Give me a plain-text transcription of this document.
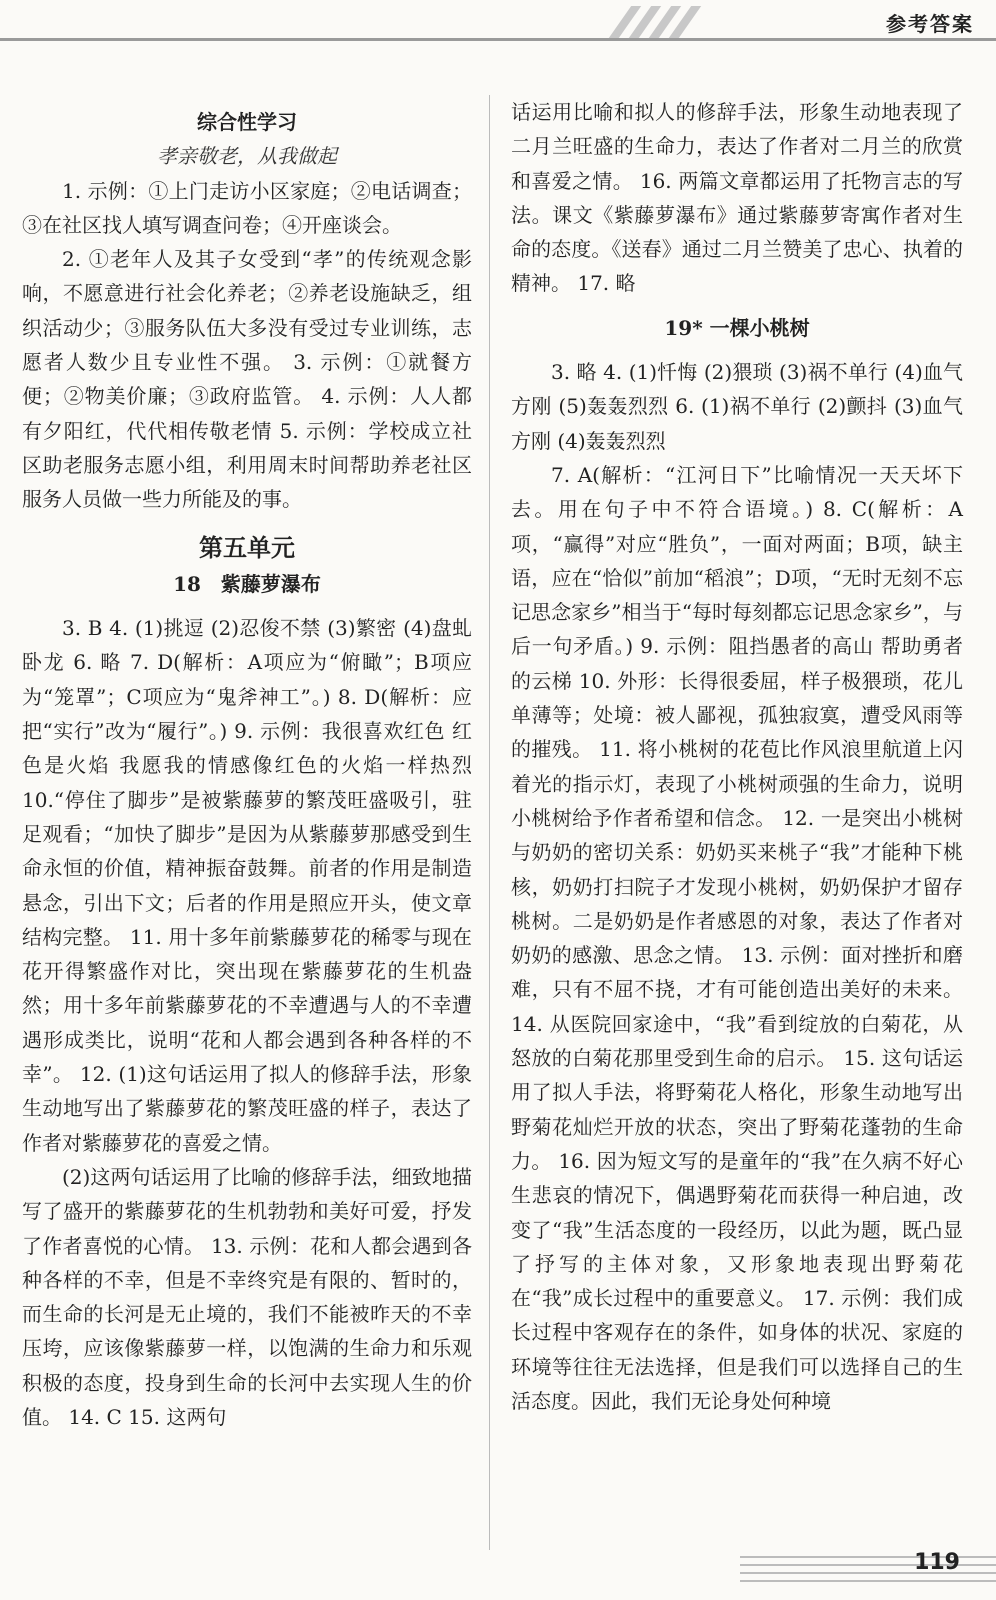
参考答案

综合性学习

孝亲敬老，从我做起

1. 示例：①上门走访小区家庭；②电话调查；③在社区找人填写调查问卷；④开座谈会。

2. ①老年人及其子女受到“孝”的传统观念影响，不愿意进行社会化养老；②养老设施缺乏，组织活动少；③服务队伍大多没有受过专业训练，志愿者人数少且专业性不强。 3. 示例：①就餐方便；②物美价廉；③政府监管。 4. 示例：人人都有夕阳红，代代相传敬老情 5. 示例：学校成立社区助老服务志愿小组，利用周末时间帮助养老社区服务人员做一些力所能及的事。

第五单元

18　紫藤萝瀑布

3. B 4. (1)挑逗 (2)忍俊不禁 (3)繁密 (4)盘虬卧龙 6. 略 7. D(解析：A项应为“俯瞰”；B项应为“笼罩”；C项应为“鬼斧神工”。) 8. D(解析：应把“实行”改为“履行”。) 9. 示例：我很喜欢红色 红色是火焰 我愿我的情感像红色的火焰一样热烈 10.“停住了脚步”是被紫藤萝的繁茂旺盛吸引，驻足观看；“加快了脚步”是因为从紫藤萝那感受到生命永恒的价值，精神振奋鼓舞。前者的作用是制造悬念，引出下文；后者的作用是照应开头，使文章结构完整。 11. 用十多年前紫藤萝花的稀零与现在花开得繁盛作对比，突出现在紫藤萝花的生机盎然；用十多年前紫藤萝花的不幸遭遇与人的不幸遭遇形成类比，说明“花和人都会遇到各种各样的不幸”。 12. (1)这句话运用了拟人的修辞手法，形象生动地写出了紫藤萝花的繁茂旺盛的样子，表达了作者对紫藤萝花的喜爱之情。

(2)这两句话运用了比喻的修辞手法，细致地描写了盛开的紫藤萝花的生机勃勃和美好可爱，抒发了作者喜悦的心情。 13. 示例：花和人都会遇到各种各样的不幸，但是不幸终究是有限的、暂时的，而生命的长河是无止境的，我们不能被昨天的不幸压垮，应该像紫藤萝一样，以饱满的生命力和乐观积极的态度，投身到生命的长河中去实现人生的价值。 14. C 15. 这两句

话运用比喻和拟人的修辞手法，形象生动地表现了二月兰旺盛的生命力，表达了作者对二月兰的欣赏和喜爱之情。 16. 两篇文章都运用了托物言志的写法。课文《紫藤萝瀑布》通过紫藤萝寄寓作者对生命的态度。《送春》通过二月兰赞美了忠心、执着的精神。 17. 略

19* 一棵小桃树

3. 略 4. (1)忏悔 (2)猥琐 (3)祸不单行 (4)血气方刚 (5)轰轰烈烈 6. (1)祸不单行 (2)颤抖 (3)血气方刚 (4)轰轰烈烈

7. A(解析：“江河日下”比喻情况一天天坏下去。用在句子中不符合语境。) 8. C(解析：A项，“赢得”对应“胜负”，一面对两面；B项，缺主语，应在“恰似”前加“稻浪”；D项，“无时无刻不忘记思念家乡”相当于“每时每刻都忘记思念家乡”，与后一句矛盾。) 9. 示例：阻挡愚者的高山 帮助勇者的云梯 10. 外形：长得很委屈，样子极猥琐，花儿单薄等；处境：被人鄙视，孤独寂寞，遭受风雨等的摧残。 11. 将小桃树的花苞比作风浪里航道上闪着光的指示灯，表现了小桃树顽强的生命力，说明小桃树给予作者希望和信念。 12. 一是突出小桃树与奶奶的密切关系：奶奶买来桃子“我”才能种下桃核，奶奶打扫院子才发现小桃树，奶奶保护才留存桃树。二是奶奶是作者感恩的对象，表达了作者对奶奶的感激、思念之情。 13. 示例：面对挫折和磨难，只有不屈不挠，才有可能创造出美好的未来。 14. 从医院回家途中，“我”看到绽放的白菊花，从怒放的白菊花那里受到生命的启示。 15. 这句话运用了拟人手法，将野菊花人格化，形象生动地写出野菊花灿烂开放的状态，突出了野菊花蓬勃的生命力。 16. 因为短文写的是童年的“我”在久病不好心生悲哀的情况下，偶遇野菊花而获得一种启迪，改变了“我”生活态度的一段经历，以此为题，既凸显了抒写的主体对象，又形象地表现出野菊花在“我”成长过程中的重要意义。 17. 示例：我们成长过程中客观存在的条件，如身体的状况、家庭的环境等往往无法选择，但是我们可以选择自己的生活态度。因此，我们无论身处何种境

119
